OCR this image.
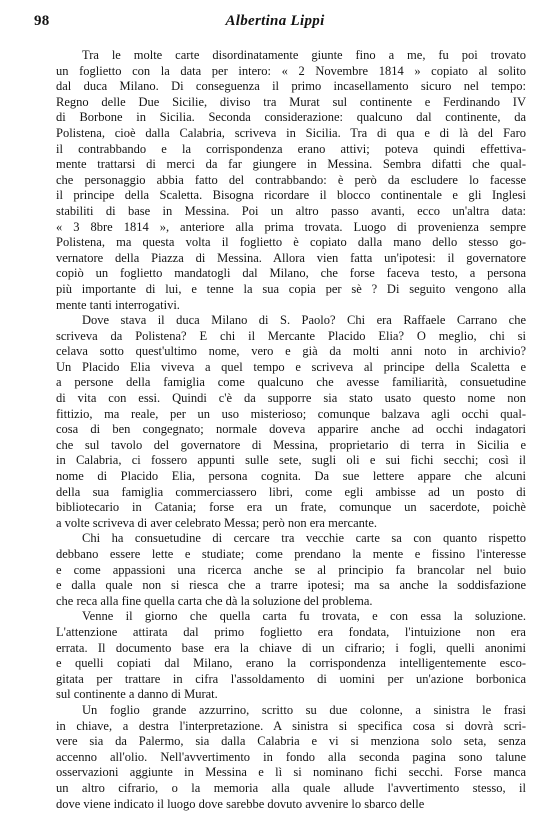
98	Albertina Lippi
Tra le molte carte disordinatamente giunte fino a me, fu poi trovato
un foglietto con la data per intero: « 2 Novembre 1814 » copiato al solito
dal duca Milano. Di conseguenza il primo incasellamento sicuro nel tempo:
Regno delle Due Sicilie, diviso tra Murat sul continente e Ferdinando IV
di Borbone in Sicilia. Seconda considerazione: qualcuno dal continente, da
Polistena, cioè dalla Calabria, scriveva in Sicilia. Tra di qua e di là del Faro
il contrabbando e la corrispondenza erano attivi; poteva quindi effettiva-
mente trattarsi di merci da far giungere in Messina. Sembra difatti che qual-
che personaggio abbia fatto del contrabbando: è però da escludere lo facesse
il principe della Scaletta. Bisogna ricordare il blocco continentale e gli Inglesi
stabiliti di base in Messina. Poi un altro passo avanti, ecco un'altra data:
« 3 8bre 1814 », anteriore alla prima trovata. Luogo di provenienza sempre
Polistena, ma questa volta il foglietto è copiato dalla mano dello stesso go-
vernatore della Piazza di Messina. Allora vien fatta un'ipotesi: il governatore
copiò un foglietto mandatogli dal Milano, che forse faceva testo, a persona
più importante di lui, e tenne la sua copia per sè ? Di seguito vengono alla
mente tanti interrogativi.
Dove stava il duca Milano di S. Paolo? Chi era Raffaele Carrano che
scriveva da Polistena? E chi il Mercante Placido Elia? O meglio, chi si
celava sotto quest'ultimo nome, vero e già da molti anni noto in archivio?
Un Placido Elia viveva a quel tempo e scriveva al principe della Scaletta e
a persone della famiglia come qualcuno che avesse familiarità, consuetudine
di vita con essi. Quindi c'è da supporre sia stato usato questo nome non
fittizio, ma reale, per un uso misterioso; comunque balzava agli occhi qual-
cosa di ben congegnato; normale doveva apparire anche ad occhi indagatori
che sul tavolo del governatore di Messina, proprietario di terra in Sicilia e
in Calabria, ci fossero appunti sulle sete, sugli oli e sui fichi secchi; così il
nome di Placido Elia, persona cognita. Da sue lettere appare che alcuni
della sua famiglia commerciassero libri, come egli ambisse ad un posto di
bibliotecario in Catania; forse era un frate, comunque un sacerdote, poichè
a volte scriveva di aver celebrato Messa; però non era mercante.
Chi ha consuetudine di cercare tra vecchie carte sa con quanto rispetto
debbano essere lette e studiate; come prendano la mente e fissino l'interesse
e come appassioni una ricerca anche se al principio fa brancolar nel buio
e dalla quale non si riesca che a trarre ipotesi; ma sa anche la soddisfazione
che reca alla fine quella carta che dà la soluzione del problema.
Venne il giorno che quella carta fu trovata, e con essa la soluzione.
L'attenzione attirata dal primo foglietto era fondata, l'intuizione non era
errata. Il documento base era la chiave di un cifrario; i fogli, quelli anonimi
e quelli copiati dal Milano, erano la corrispondenza intelligentemente esco-
gitata per trattare in cifra l'assoldamento di uomini per un'azione borbonica
sul continente a danno di Murat.
Un foglio grande azzurrino, scritto su due colonne, a sinistra le frasi
in chiave, a destra l'interpretazione. A sinistra si specifica cosa si dovrà scri-
vere sia da Palermo, sia dalla Calabria e vi si menziona solo seta, senza
accenno all'olio. Nell'avvertimento in fondo alla seconda pagina sono talune
osservazioni aggiunte in Messina e lì si nominano fichi secchi. Forse manca
un altro cifrario, o la memoria alla quale allude l'avvertimento stesso, il
dove viene indicato il luogo dove sarebbe dovuto avvenire lo sbarco delle
